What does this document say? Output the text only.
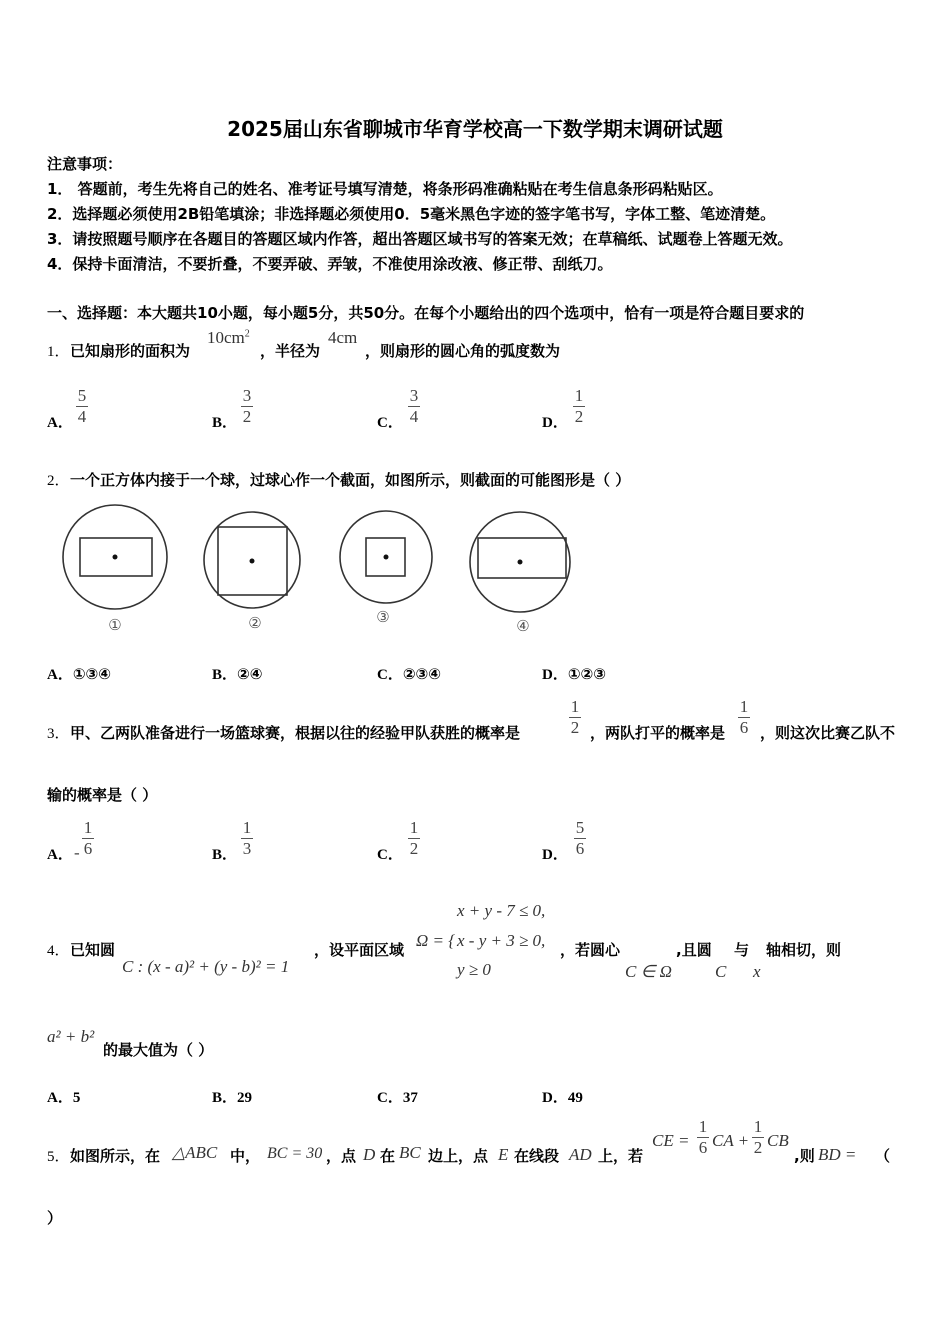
2025届山东省聊城市华育学校高一下数学期末调研试题
注意事项：
1． 答题前，考生先将自己的姓名、准考证号填写清楚，将条形码准确粘贴在考生信息条形码粘贴区。
2．选择题必须使用2B铅笔填涂；非选择题必须使用0．5毫米黑色字迹的签字笔书写，字体工整、笔迹清楚。
3．请按照题号顺序在各题目的答题区域内作答，超出答题区域书写的答案无效；在草稿纸、试题卷上答题无效。
4．保持卡面清洁，不要折叠，不要弄破、弄皱，不准使用涂改液、修正带、刮纸刀。
一、选择题：本大题共10小题，每小题5分，共50分。在每个小题给出的四个选项中，恰有一项是符合题目要求的
1． 已知扇形的面积为
$10cm^2$
，半径为
4cm
，则扇形的圆心角的弧度数为
A．
5
4	B．
3
2	C．
3
4	D．
1
2
2． 一个正方体内接于一个球，过球心作一个截面，如图所示，则截面的可能图形是（ ）
①	②	③
④
A．①③④	B．②④	C．②③④	D．①②③
3． 甲、乙两队准备进行一场篮球赛，根据以往的经验甲队获胜的概率是
1
2 ，两队打平的概率是
1
6 ，则这次比赛乙队不
输的概率是（ ）
A． -
1
6	B．
1
3	C．
1
2	D．
5
6
4． 已知圆
C : (x - a)² + (y - b)² = 1
，设平面区域 Ω = {
x + y - 7 ≤ 0,
x - y + 3 ≥ 0,
y ≥ 0
，若圆心
C ∈ Ω
,且圆
C
与
x
轴相切，则
a² + b²
的最大值为（ ）
A．5	B．29	C．37	D．49
5． 如图所示，在 △ABC 中， BC = 30 ，点 D 在 BC 边上，点 E 在线段 AD 上，若
CE =
1
6 CA +
1
2 CB
,则 BD = （
）
